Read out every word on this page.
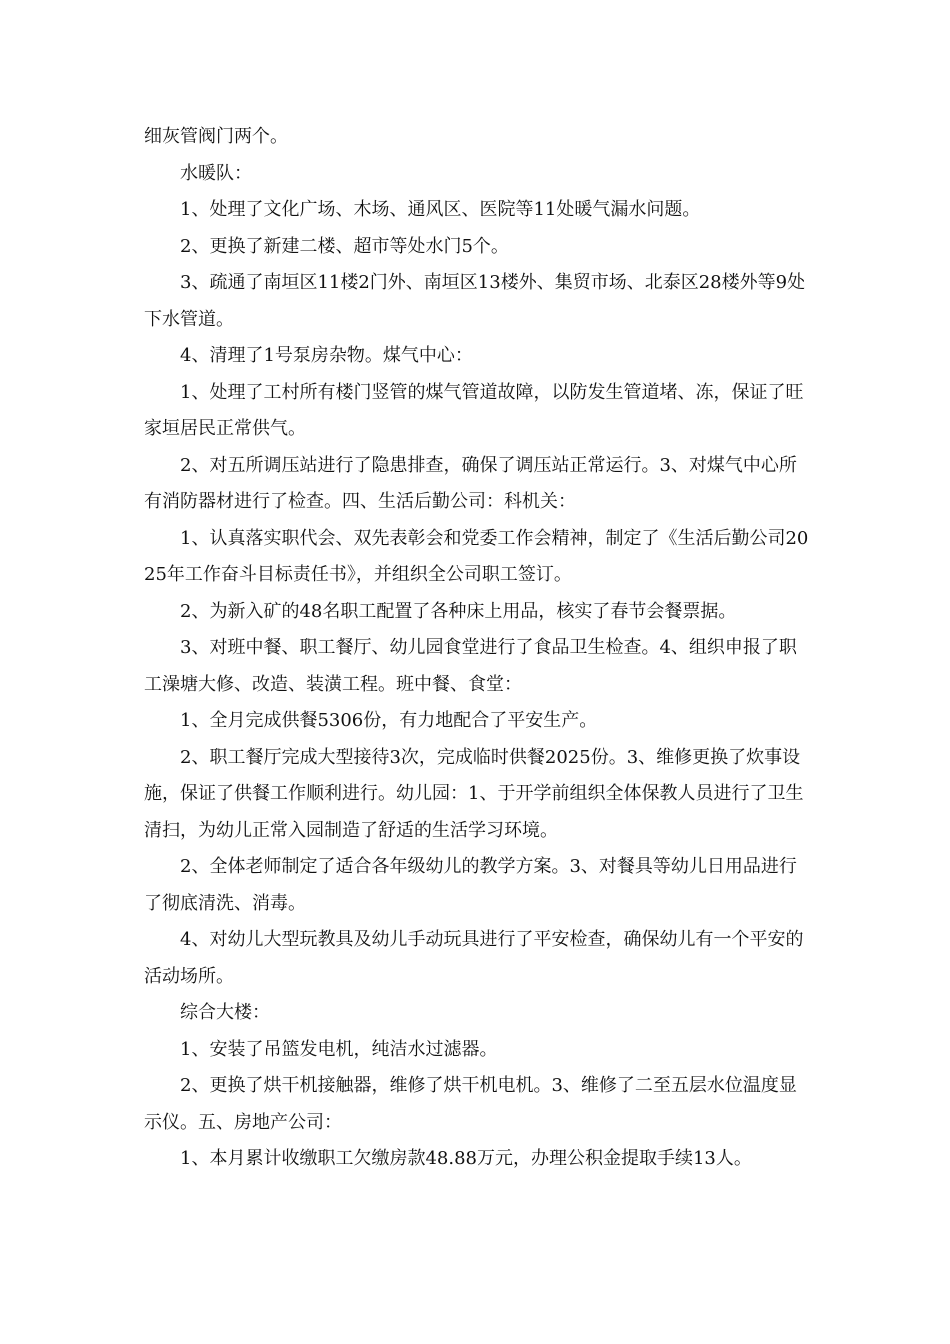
细灰管阀门两个。

水暖队：

1、处理了文化广场、木场、通风区、医院等11处暖气漏水问题。

2、更换了新建二楼、超市等处水门5个。

3、疏通了南垣区11楼2门外、南垣区13楼外、集贸市场、北泰区28楼外等9处下水管道。

4、清理了1号泵房杂物。煤气中心：

1、处理了工村所有楼门竖管的煤气管道故障，以防发生管道堵、冻，保证了旺家垣居民正常供气。

2、对五所调压站进行了隐患排查，确保了调压站正常运行。3、对煤气中心所有消防器材进行了检查。四、生活后勤公司：科机关：

1、认真落实职代会、双先表彰会和党委工作会精神，制定了《生活后勤公司2025年工作奋斗目标责任书》，并组织全公司职工签订。

2、为新入矿的48名职工配置了各种床上用品，核实了春节会餐票据。

3、对班中餐、职工餐厅、幼儿园食堂进行了食品卫生检查。4、组织申报了职工澡塘大修、改造、装潢工程。班中餐、食堂：

1、全月完成供餐5306份，有力地配合了平安生产。

2、职工餐厅完成大型接待3次，完成临时供餐2025份。3、维修更换了炊事设施，保证了供餐工作顺利进行。幼儿园：1、于开学前组织全体保教人员进行了卫生清扫，为幼儿正常入园制造了舒适的生活学习环境。

2、全体老师制定了适合各年级幼儿的教学方案。3、对餐具等幼儿日用品进行了彻底清洗、消毒。

4、对幼儿大型玩教具及幼儿手动玩具进行了平安检查，确保幼儿有一个平安的活动场所。

综合大楼：

1、安装了吊篮发电机，纯洁水过滤器。

2、更换了烘干机接触器，维修了烘干机电机。3、维修了二至五层水位温度显示仪。五、房地产公司：

1、本月累计收缴职工欠缴房款48.88万元，办理公积金提取手续13人。
